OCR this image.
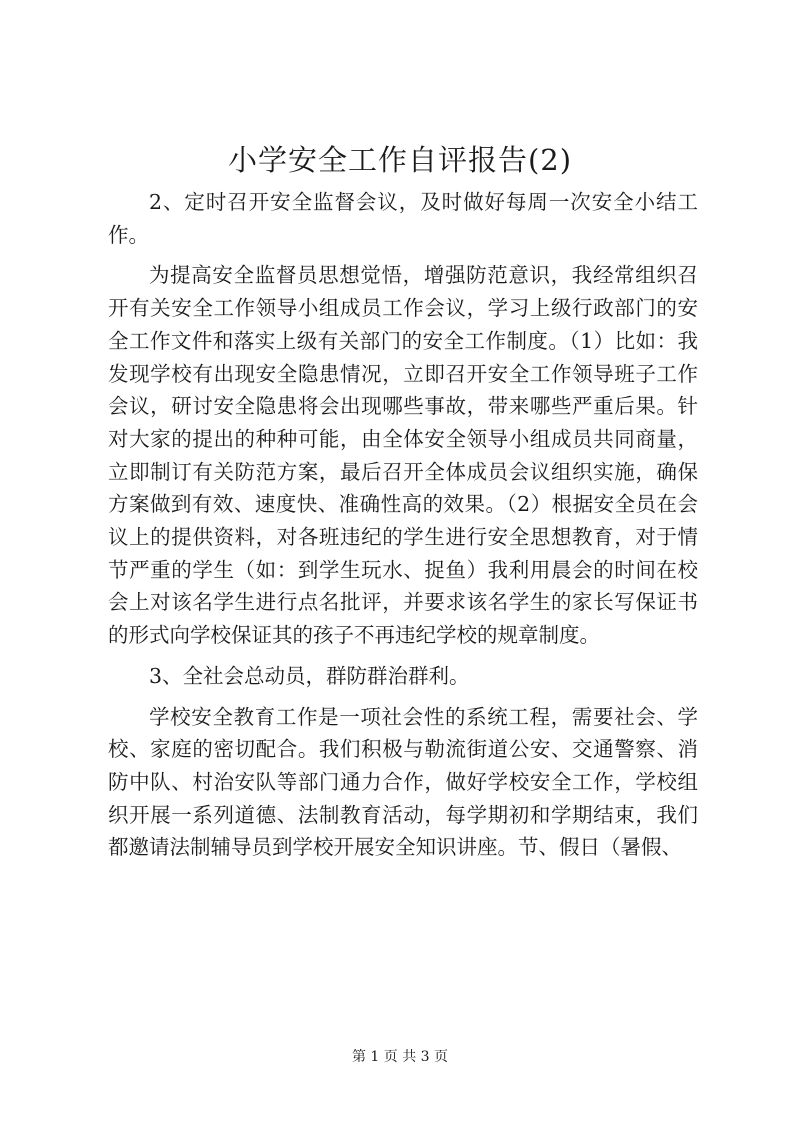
小学安全工作自评报告(2)

2、定时召开安全监督会议，及时做好每周一次安全小结工作。

为提高安全监督员思想觉悟，增强防范意识，我经常组织召开有关安全工作领导小组成员工作会议，学习上级行政部门的安全工作文件和落实上级有关部门的安全工作制度。（1）比如：我发现学校有出现安全隐患情况，立即召开安全工作领导班子工作会议，研讨安全隐患将会出现哪些事故，带来哪些严重后果。针对大家的提出的种种可能，由全体安全领导小组成员共同商量，立即制订有关防范方案，最后召开全体成员会议组织实施，确保方案做到有效、速度快、准确性高的效果。（2）根据安全员在会议上的提供资料，对各班违纪的学生进行安全思想教育，对于情节严重的学生（如：到学生玩水、捉鱼）我利用晨会的时间在校会上对该名学生进行点名批评，并要求该名学生的家长写保证书的形式向学校保证其的孩子不再违纪学校的规章制度。

3、全社会总动员，群防群治群利。

学校安全教育工作是一项社会性的系统工程，需要社会、学校、家庭的密切配合。我们积极与勒流街道公安、交通警察、消防中队、村治安队等部门通力合作，做好学校安全工作，学校组织开展一系列道德、法制教育活动，每学期初和学期结束，我们都邀请法制辅导员到学校开展安全知识讲座。节、假日（暑假、

第 1 页 共 3 页
